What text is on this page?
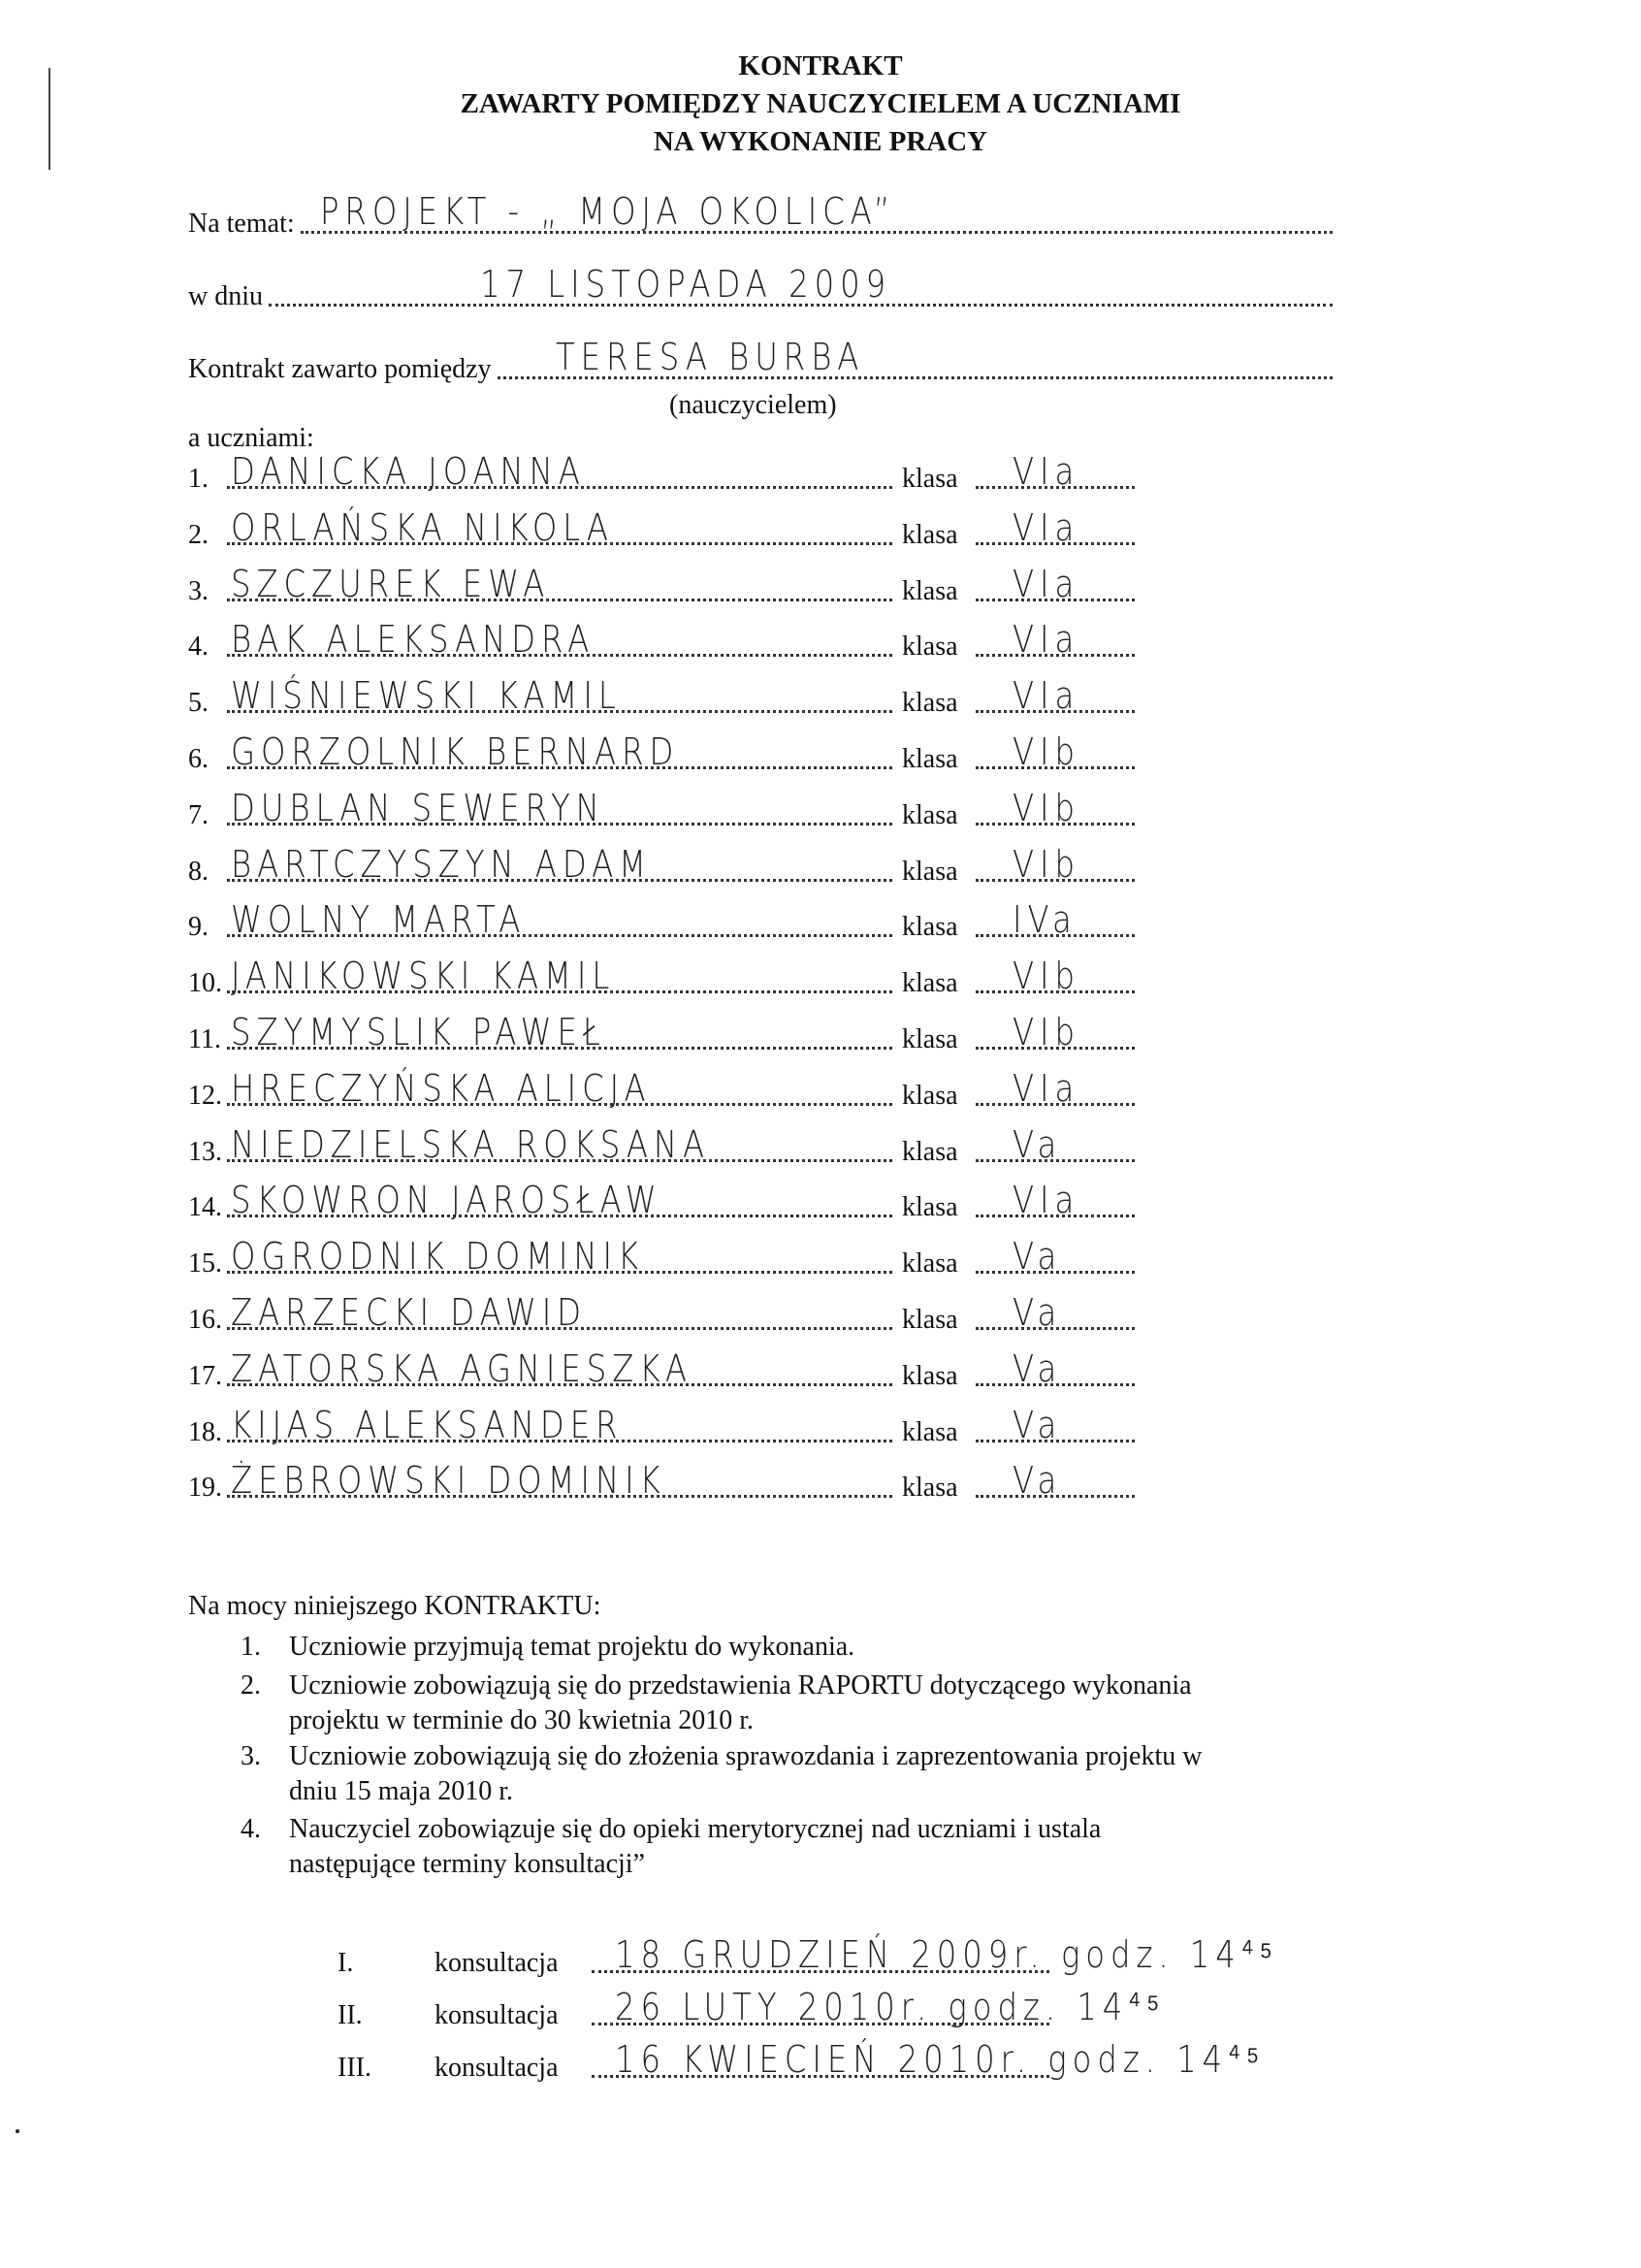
KONTRAKT
ZAWARTY POMIĘDZY NAUCZYCIELEM A UCZNIAMI
NA WYKONANIE PRACY
Na temat: PROJEKT - „ MOJA OKOLICA”
w dniu	17 LISTOPADA 2009
Kontrakt zawarto pomiędzy TERESA BURBA
(nauczycielem)
a uczniami:
1. DANICKA JOANNA	klasa VIa
2. ORLAŃSKA NIKOLA	klasa VIa
3. SZCZUREK EWA	klasa VIa
4. BAK ALEKSANDRA	klasa VIa
5. WIŚNIEWSKI KAMIL	klasa VIa
6. GORZOLNIK BERNARD	klasa VIb
7. DUBLAN SEWERYN	klasa VIb
8. BARTCZYSZYN ADAM	klasa VIb
9. WOLNY MARTA	klasa IVa
10. JANIKOWSKI KAMIL	klasa VIb
11. SZYMYSLIK PAWEŁ	klasa VIb
12. HRECZYŃSKA ALICJA	klasa VIa
13. NIEDZIELSKA ROKSANA	klasa Va
14. SKOWRON JAROSŁAW	klasa VIa
15. OGRODNIK DOMINIK	klasa Va
16. ZARZECKI DAWID	klasa Va
17. ZATORSKA AGNIESZKA	klasa Va
18. KIJAS ALEKSANDER	klasa Va
19. ŻEBROWSKI DOMINIK	klasa Va
Na mocy niniejszego KONTRAKTU:
1. Uczniowie przyjmują temat projektu do wykonania.
2. Uczniowie zobowiązują się do przedstawienia RAPORTU dotyczącego wykonania
projektu w terminie do 30 kwietnia 2010 r.
3. Uczniowie zobowiązują się do złożenia sprawozdania i zaprezentowania projektu w
dniu 15 maja 2010 r.
4. Nauczyciel zobowiązuje się do opieki merytorycznej nad uczniami i ustala
następujące terminy konsultacji”
I.	konsultacja 18 GRUDZIEŃ 2009r. godz. 14⁴⁵
II.	konsultacja 26 LUTY 2010r. godz. 14⁴⁵
III. konsultacja 16 KWIECIEŃ 2010r. godz. 14⁴⁵
